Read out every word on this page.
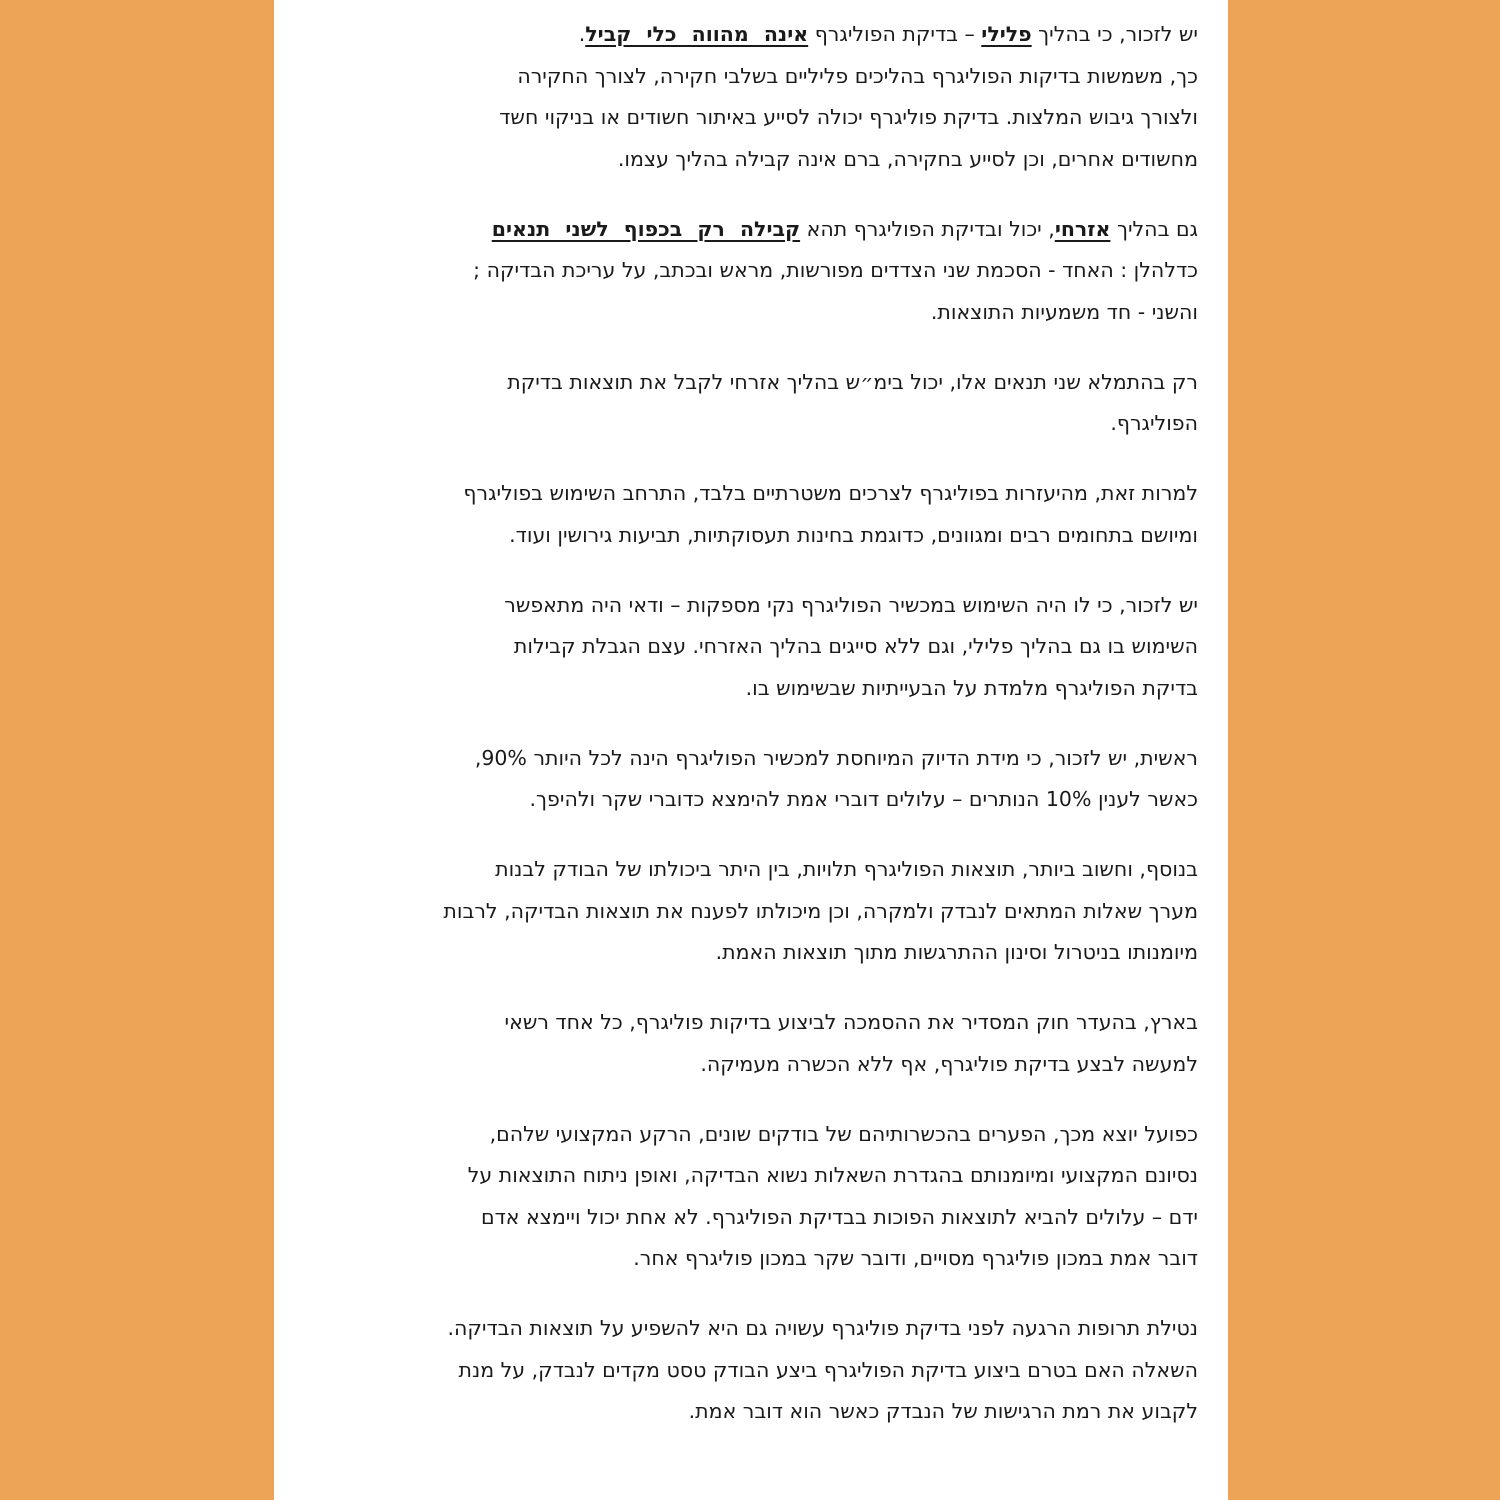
יש לזכור, כי בהליך פלילי – בדיקת הפוליגרף אינה מהווה כלי קביל.
כך, משמשות בדיקות הפוליגרף בהליכים פליליים בשלבי חקירה, לצורך החקירה
ולצורך גיבוש המלצות. בדיקת פוליגרף יכולה לסייע באיתור חשודים או בניקוי חשד
מחשודים אחרים, וכן לסייע בחקירה, ברם אינה קבילה בהליך עצמו.
גם בהליך אזרחי, יכול ובדיקת הפוליגרף תהא קבילה רק בכפוף לשני תנאים
כדלהלן : האחד - הסכמת שני הצדדים מפורשות, מראש ובכתב, על עריכת הבדיקה ;
והשני - חד משמעיות התוצאות.
רק בהתמלא שני תנאים אלו, יכול בימ״ש בהליך אזרחי לקבל את תוצאות בדיקת
הפוליגרף.
למרות זאת, מהיעזרות בפוליגרף לצרכים משטרתיים בלבד, התרחב השימוש בפוליגרף
ומיושם בתחומים רבים ומגוונים, כדוגמת בחינות תעסוקתיות, תביעות גירושין ועוד.
יש לזכור, כי לו היה השימוש במכשיר הפוליגרף נקי מספקות – ודאי היה מתאפשר
השימוש בו גם בהליך פלילי, וגם ללא סייגים בהליך האזרחי. עצם הגבלת קבילות
בדיקת הפוליגרף מלמדת על הבעייתיות שבשימוש בו.
ראשית, יש לזכור, כי מידת הדיוק המיוחסת למכשיר הפוליגרף הינה לכל היותר 90%,
כאשר לענין 10% הנותרים – עלולים דוברי אמת להימצא כדוברי שקר ולהיפך.
בנוסף, וחשוב ביותר, תוצאות הפוליגרף תלויות, בין היתר ביכולתו של הבודק לבנות
מערך שאלות המתאים לנבדק ולמקרה, וכן מיכולתו לפענח את תוצאות הבדיקה, לרבות
מיומנותו בניטרול וסינון ההתרגשות מתוך תוצאות האמת.
בארץ, בהעדר חוק המסדיר את ההסמכה לביצוע בדיקות פוליגרף, כל אחד רשאי
למעשה לבצע בדיקת פוליגרף, אף ללא הכשרה מעמיקה.
כפועל יוצא מכך, הפערים בהכשרותיהם של בודקים שונים, הרקע המקצועי שלהם,
נסיונם המקצועי ומיומנותם בהגדרת השאלות נשוא הבדיקה, ואופן ניתוח התוצאות על
ידם – עלולים להביא לתוצאות הפוכות בבדיקת הפוליגרף. לא אחת יכול ויימצא אדם
דובר אמת במכון פוליגרף מסויים, ודובר שקר במכון פוליגרף אחר.
נטילת תרופות הרגעה לפני בדיקת פוליגרף עשויה גם היא להשפיע על תוצאות הבדיקה.
השאלה האם בטרם ביצוע בדיקת הפוליגרף ביצע הבודק טסט מקדים לנבדק, על מנת
לקבוע את רמת הרגישות של הנבדק כאשר הוא דובר אמת.
